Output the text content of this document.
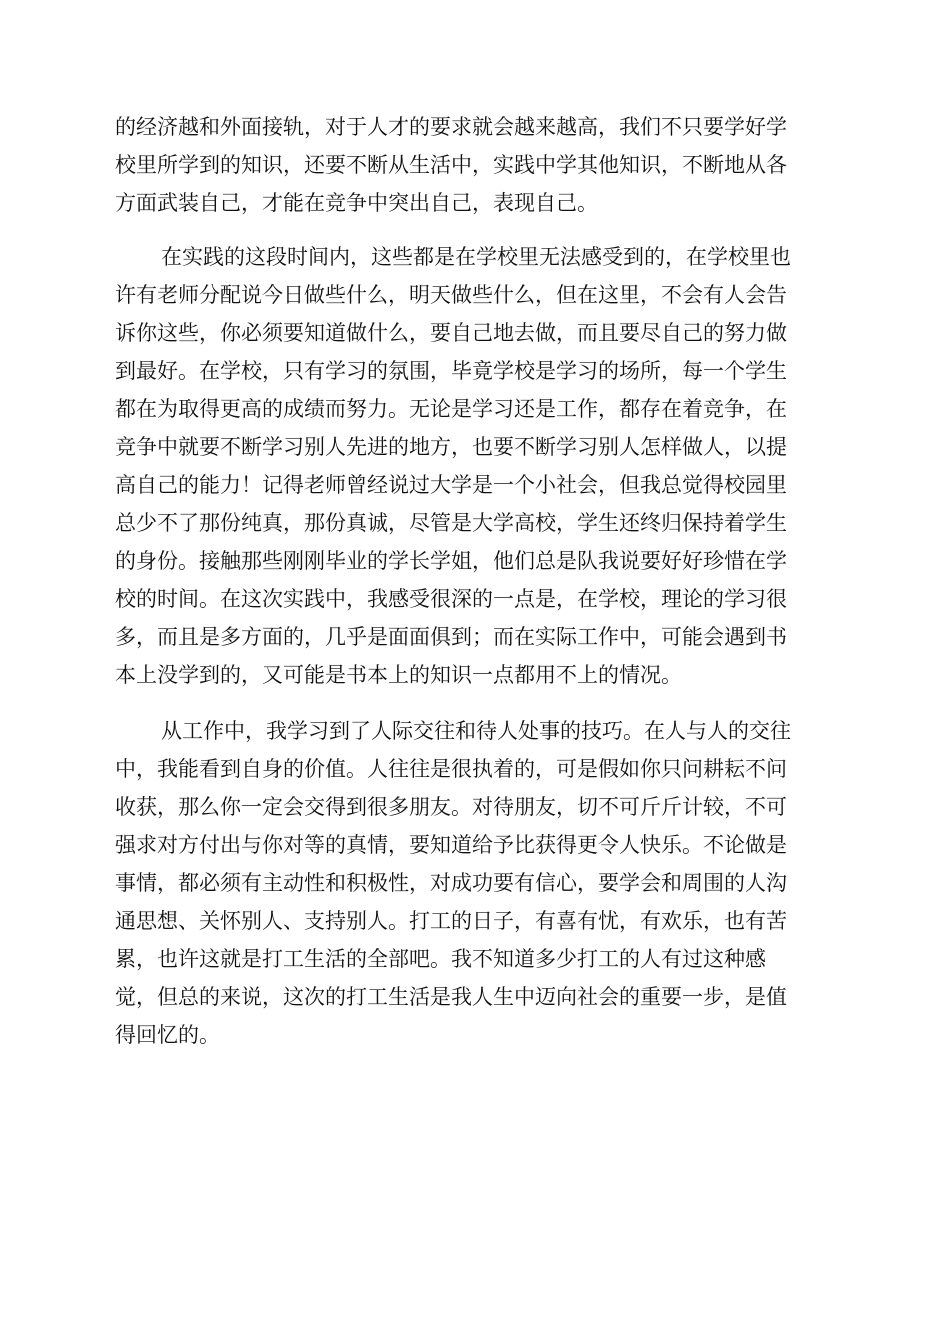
的经济越和外面接轨，对于人才的要求就会越来越高，我们不只要学好学
校里所学到的知识，还要不断从生活中，实践中学其他知识，不断地从各
方面武装自己，才能在竞争中突出自己，表现自己。
在实践的这段时间内，这些都是在学校里无法感受到的，在学校里也
许有老师分配说今日做些什么，明天做些什么，但在这里，不会有人会告
诉你这些，你必须要知道做什么，要自己地去做，而且要尽自己的努力做
到最好。在学校，只有学习的氛围，毕竟学校是学习的场所，每一个学生
都在为取得更高的成绩而努力。无论是学习还是工作，都存在着竞争，在
竞争中就要不断学习别人先进的地方，也要不断学习别人怎样做人，以提
高自己的能力！记得老师曾经说过大学是一个小社会，但我总觉得校园里
总少不了那份纯真，那份真诚，尽管是大学高校，学生还终归保持着学生
的身份。接触那些刚刚毕业的学长学姐，他们总是队我说要好好珍惜在学
校的时间。在这次实践中，我感受很深的一点是，在学校，理论的学习很
多，而且是多方面的，几乎是面面俱到；而在实际工作中，可能会遇到书
本上没学到的，又可能是书本上的知识一点都用不上的情况。
从工作中，我学习到了人际交往和待人处事的技巧。在人与人的交往
中，我能看到自身的价值。人往往是很执着的，可是假如你只问耕耘不问
收获，那么你一定会交得到很多朋友。对待朋友，切不可斤斤计较，不可
强求对方付出与你对等的真情，要知道给予比获得更令人快乐。不论做是
事情，都必须有主动性和积极性，对成功要有信心，要学会和周围的人沟
通思想、关怀别人、支持别人。打工的日子，有喜有忧，有欢乐，也有苦
累，也许这就是打工生活的全部吧。我不知道多少打工的人有过这种感
觉，但总的来说，这次的打工生活是我人生中迈向社会的重要一步，是值
得回忆的。
